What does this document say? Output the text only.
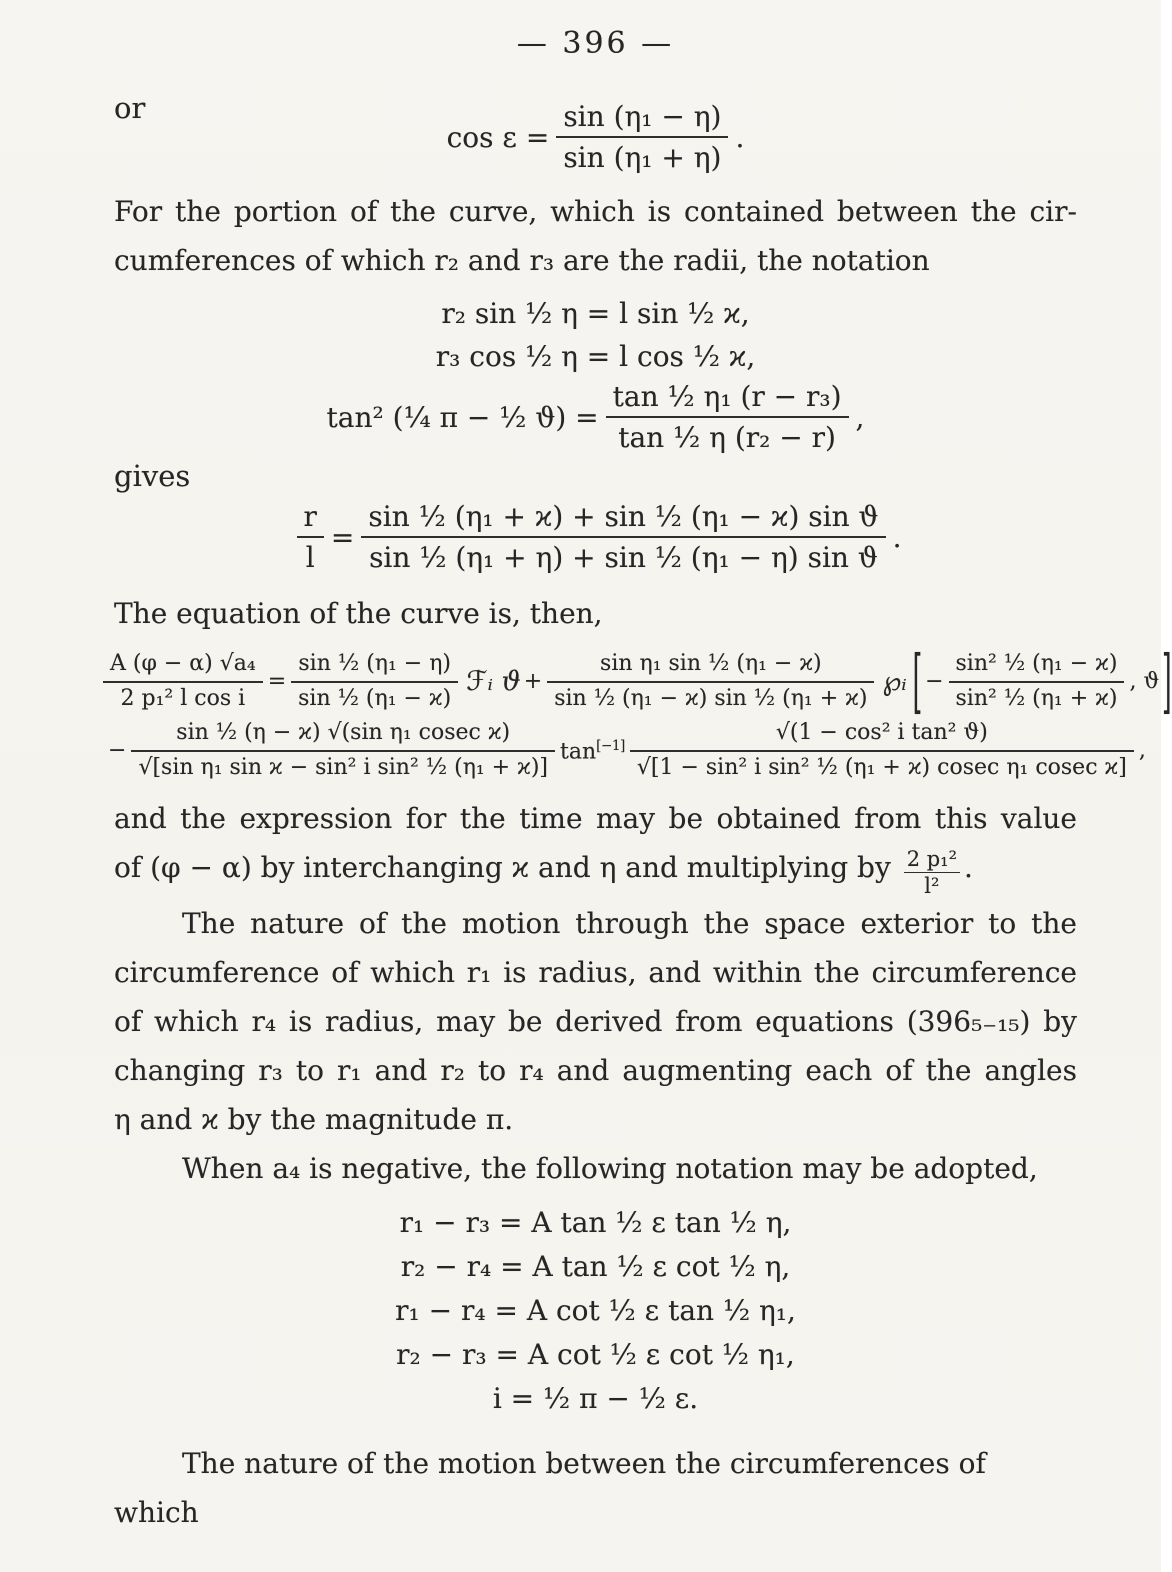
— 396 —
or
$\cos \varepsilon = \frac{\text{sin (η₁ − η)}}{\text{sin (η₁ + η)}}$ .
For the portion of the curve, which is contained between the cir-
cumferences of which r₂ and r₃ are the radii, the notation
r₂ sin ½ η = l sin ½ ϰ,
r₃ cos ½ η = l cos ½ ϰ,
tan² (¼ π − ½ $ϑ) = \frac{\text{tan ½ η₁ (r − r₃)}}{\text{tan ½ η (r₂ − r)}}$ ,
gives
$\frac{r}{l} = \frac{\text{sin ½ (η₁ + ϰ) + sin ½ (η₁ − ϰ) sin ϑ}}{\text{sin ½ (η₁ + η) + sin ½ (η₁ − η) sin ϑ}}$ .
The equation of the curve is, then,
$\frac{\text{A (φ − α) √a₄}}{\text{2 p₁² l cos i}} = \frac{\text{sin ½ (η₁ − η)}}{\text{sin ½ (η₁ − ϰ)}}$ ℱᵢ $ϑ + \frac{\text{sin η₁ sin ½ (η₁ − ϰ)}}{\text{sin ½ (η₁ − ϰ) sin ½ (η₁ + ϰ)}}$ ℘ᵢ [ − $\frac{\text{sin² ½ (η₁ − ϰ)}}{\text{sin² ½ (η₁ + ϰ)}}$ , ϑ ]
− $\frac{\text{sin ½ (η − ϰ) √(sin η₁ cosec ϰ)}}{\text{√[sin η₁ sin ϰ − sin² i sin² ½ (η₁ + ϰ)]}} \tan[-1] \frac{\text{√(1 − cos² i tan² ϑ)}}{\text{√[1 − sin² i sin² ½ (η₁ + ϰ) cosec η₁ cosec ϰ]}}$ ,
and the expression for the time may be obtained from this value
of (φ − α) by interchanging ϰ and η and multiplying by $\frac{\text{2 p₁²}}{\text{l²}}$ .
The nature of the motion through the space exterior to the
circumference of which r₁ is radius, and within the circumference
of which r₄ is radius, may be derived from equations (396₅₋₁₅) by
changing r₃ to r₁ and r₂ to r₄ and augmenting each of the angles
η and ϰ by the magnitude π.
When a₄ is negative, the following notation may be adopted,
r₁ − r₃ = A tan ½ ε tan ½ η,
r₂ − r₄ = A tan ½ ε cot ½ η,
r₁ − r₄ = A cot ½ ε tan ½ η₁,
r₂ − r₃ = A cot ½ ε cot ½ η₁,
i = ½ π − ½ ε.
The nature of the motion between the circumferences of which
